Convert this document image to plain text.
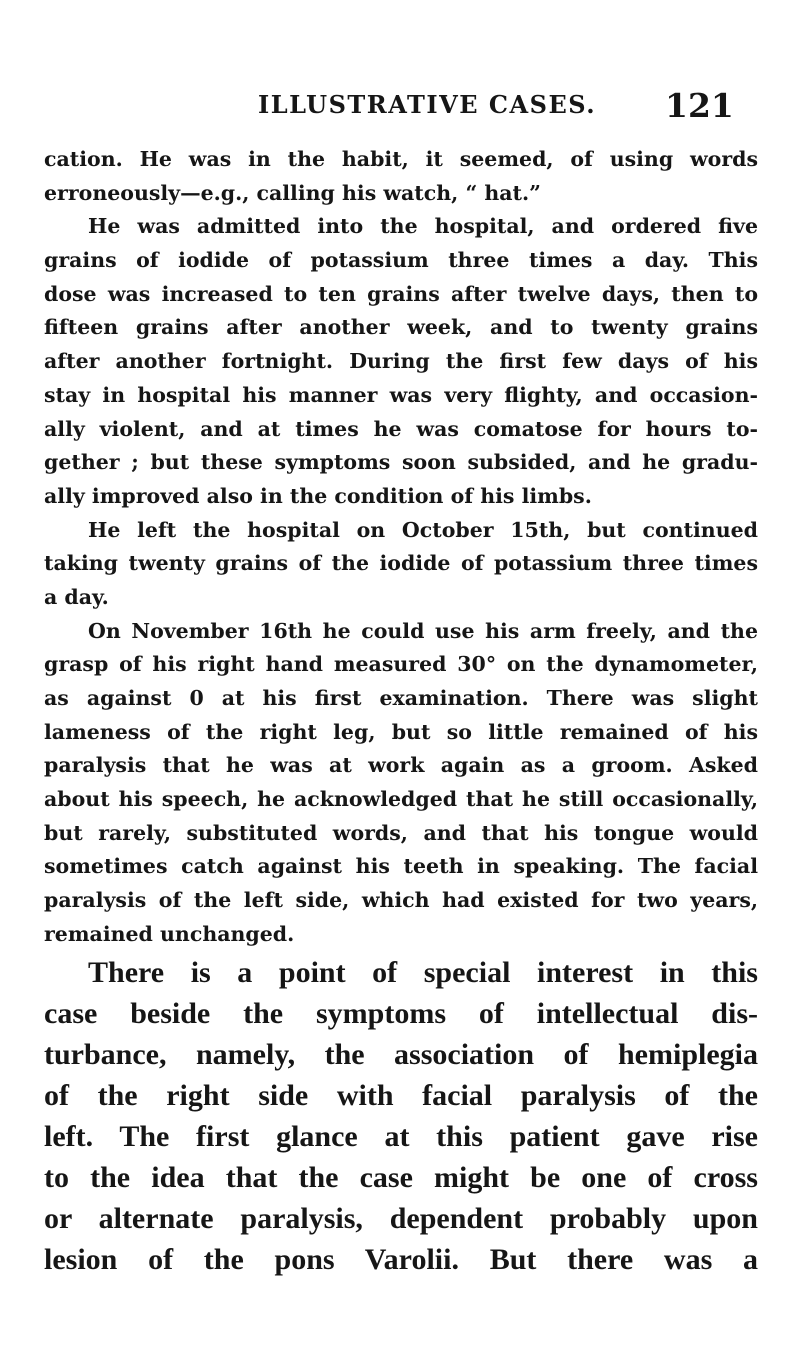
ILLUSTRATIVE CASES. 121
cation. He was in the habit, it seemed, of using words
erroneously—e.g., calling his watch, “ hat.”
He was admitted into the hospital, and ordered five
grains of iodide of potassium three times a day. This
dose was increased to ten grains after twelve days, then to
fifteen grains after another week, and to twenty grains
after another fortnight. During the first few days of his
stay in hospital his manner was very flighty, and occasion-
ally violent, and at times he was comatose for hours to-
gether ; but these symptoms soon subsided, and he gradu-
ally improved also in the condition of his limbs.
He left the hospital on October 15th, but continued
taking twenty grains of the iodide of potassium three times
a day.
On November 16th he could use his arm freely, and the
grasp of his right hand measured 30° on the dynamometer,
as against 0 at his first examination. There was slight
lameness of the right leg, but so little remained of his
paralysis that he was at work again as a groom. Asked
about his speech, he acknowledged that he still occasionally,
but rarely, substituted words, and that his tongue would
sometimes catch against his teeth in speaking. The facial
paralysis of the left side, which had existed for two years,
remained unchanged.
There is a point of special interest in this
case beside the symptoms of intellectual dis-
turbance, namely, the association of hemiplegia
of the right side with facial paralysis of the
left. The first glance at this patient gave rise
to the idea that the case might be one of cross
or alternate paralysis, dependent probably upon
lesion of the pons Varolii. But there was a
